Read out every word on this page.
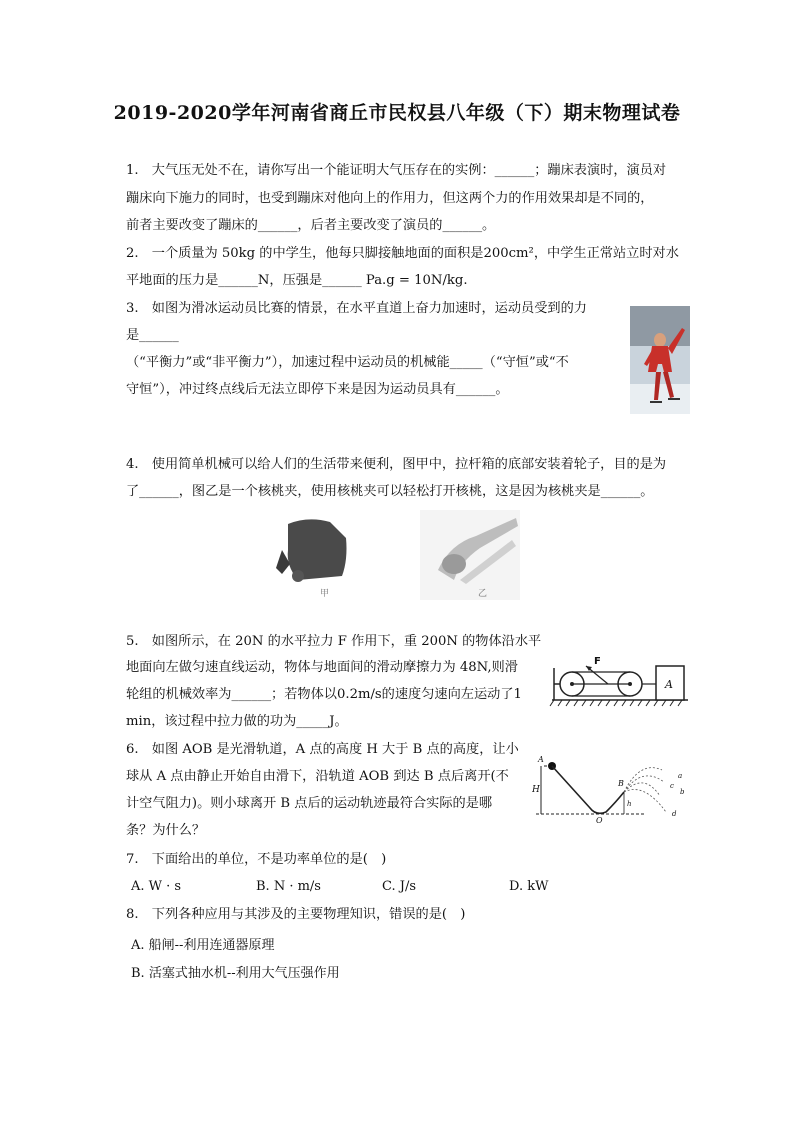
2019-2020学年河南省商丘市民权县八年级（下）期末物理试卷
1.　大气压无处不在，请你写出一个能证明大气压存在的实例：______；蹦床表演时，演员对
蹦床向下施力的同时，也受到蹦床对他向上的作用力，但这两个力的作用效果却是不同的，
前者主要改变了蹦床的______，后者主要改变了演员的______。
2.　一个质量为 50kg 的中学生，他每只脚接触地面的面积是200cm²，中学生正常站立时对水
平地面的压力是______N，压强是______ Pa.g = 10N/kg.
3.　如图为滑冰运动员比赛的情景，在水平直道上奋力加速时，运动员受到的力
是______
（“平衡力”或“非平衡力”），加速过程中运动员的机械能_____（“守恒”或“不
守恒”），冲过终点线后无法立即停下来是因为运动员具有______。
4.　使用简单机械可以给人们的生活带来便利，图甲中，拉杆箱的底部安装着轮子，目的是为
了______，图乙是一个核桃夹，使用核桃夹可以轻松打开核桃，这是因为核桃夹是______。
甲	乙
5.　如图所示，在 20N 的水平拉力 F 作用下，重 200N 的物体沿水平
地面向左做匀速直线运动，物体与地面间的滑动摩擦力为 48N,则滑
轮组的机械效率为______；若物体以0.2m/s的速度匀速向左运动了1
min，该过程中拉力做的功为_____J。
F
A
6.　如图 AOB 是光滑轨道，A 点的高度 H 大于 B 点的高度，让小
球从 A 点由静止开始自由滑下，沿轨道 AOB 到达 B 点后离开(不
计空气阻力)。则小球离开 B 点后的运动轨迹最符合实际的是哪
条？为什么？
H
A
O
B
h
a
c
b
d
7.　下面给出的单位，不是功率单位的是(　)
A. W · s	B. N · m/s	C. J/s	D. kW
8.　下列各种应用与其涉及的主要物理知识，错误的是(　)
A. 船闸--利用连通器原理
B. 活塞式抽水机--利用大气压强作用
